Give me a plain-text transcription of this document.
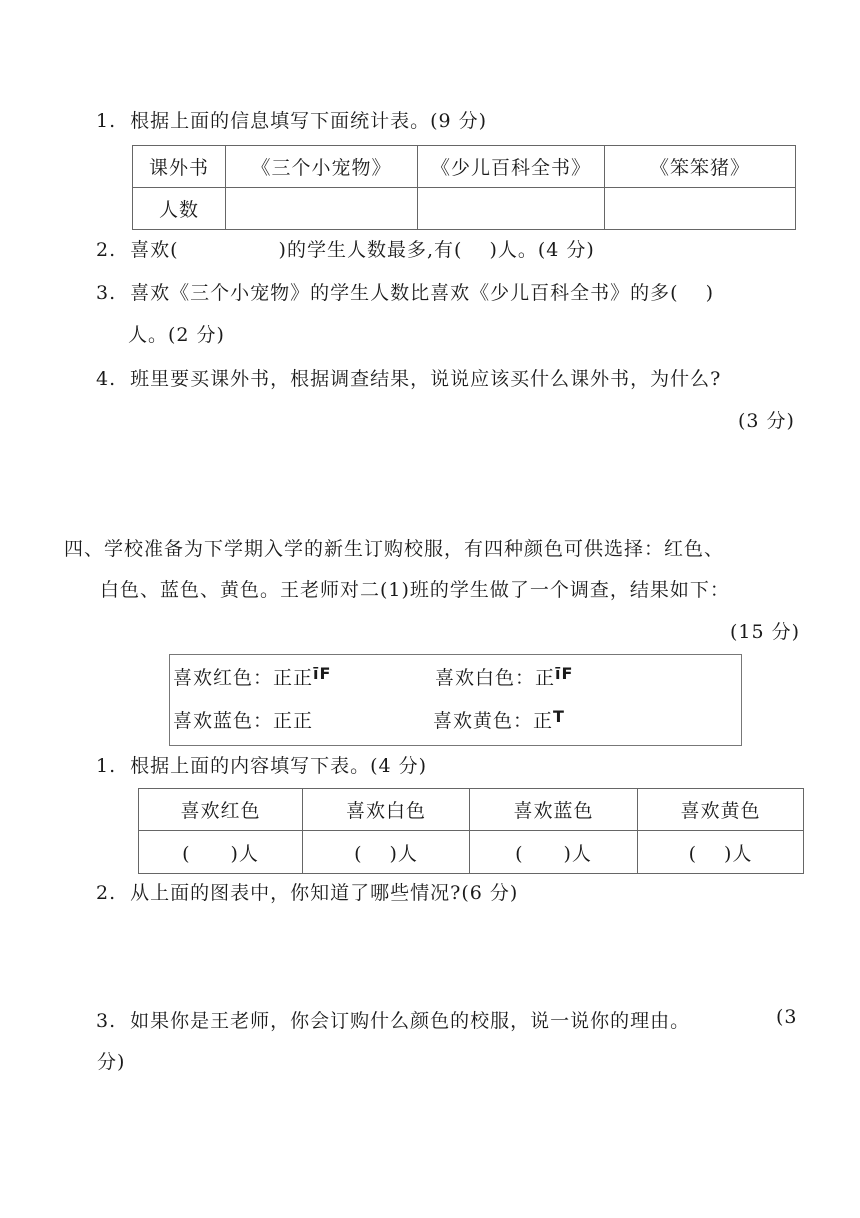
1. 根据上面的信息填写下面统计表。(9 分)
课外书	《三个小宠物》	《少儿百科全书》	《笨笨猪》
人数			
2. 喜欢(　　　　　)的学生人数最多,有(　 )人。(4 分)
3. 喜欢《三个小宠物》的学生人数比喜欢《少儿百科全书》的多(　 )
人。(2 分)
4. 班里要买课外书，根据调查结果，说说应该买什么课外书，为什么?
(3 分)
四、学校准备为下学期入学的新生订购校服，有四种颜色可供选择：红色、
白色、蓝色、黄色。王老师对二(1)班的学生做了一个调查，结果如下：
(15 分)
喜欢红色：正正$^{īF}$	喜欢白色：正$^{īF}$
喜欢蓝色：正正	喜欢黄色：正$^T$
1. 根据上面的内容填写下表。(4 分)
喜欢红色	喜欢白色	喜欢蓝色	喜欢黄色
(　　)人	(　 )人	(　　)人	(　 )人
2. 从上面的图表中，你知道了哪些情况?(6 分)
3. 如果你是王老师，你会订购什么颜色的校服，说一说你的理由。	(3
分)
